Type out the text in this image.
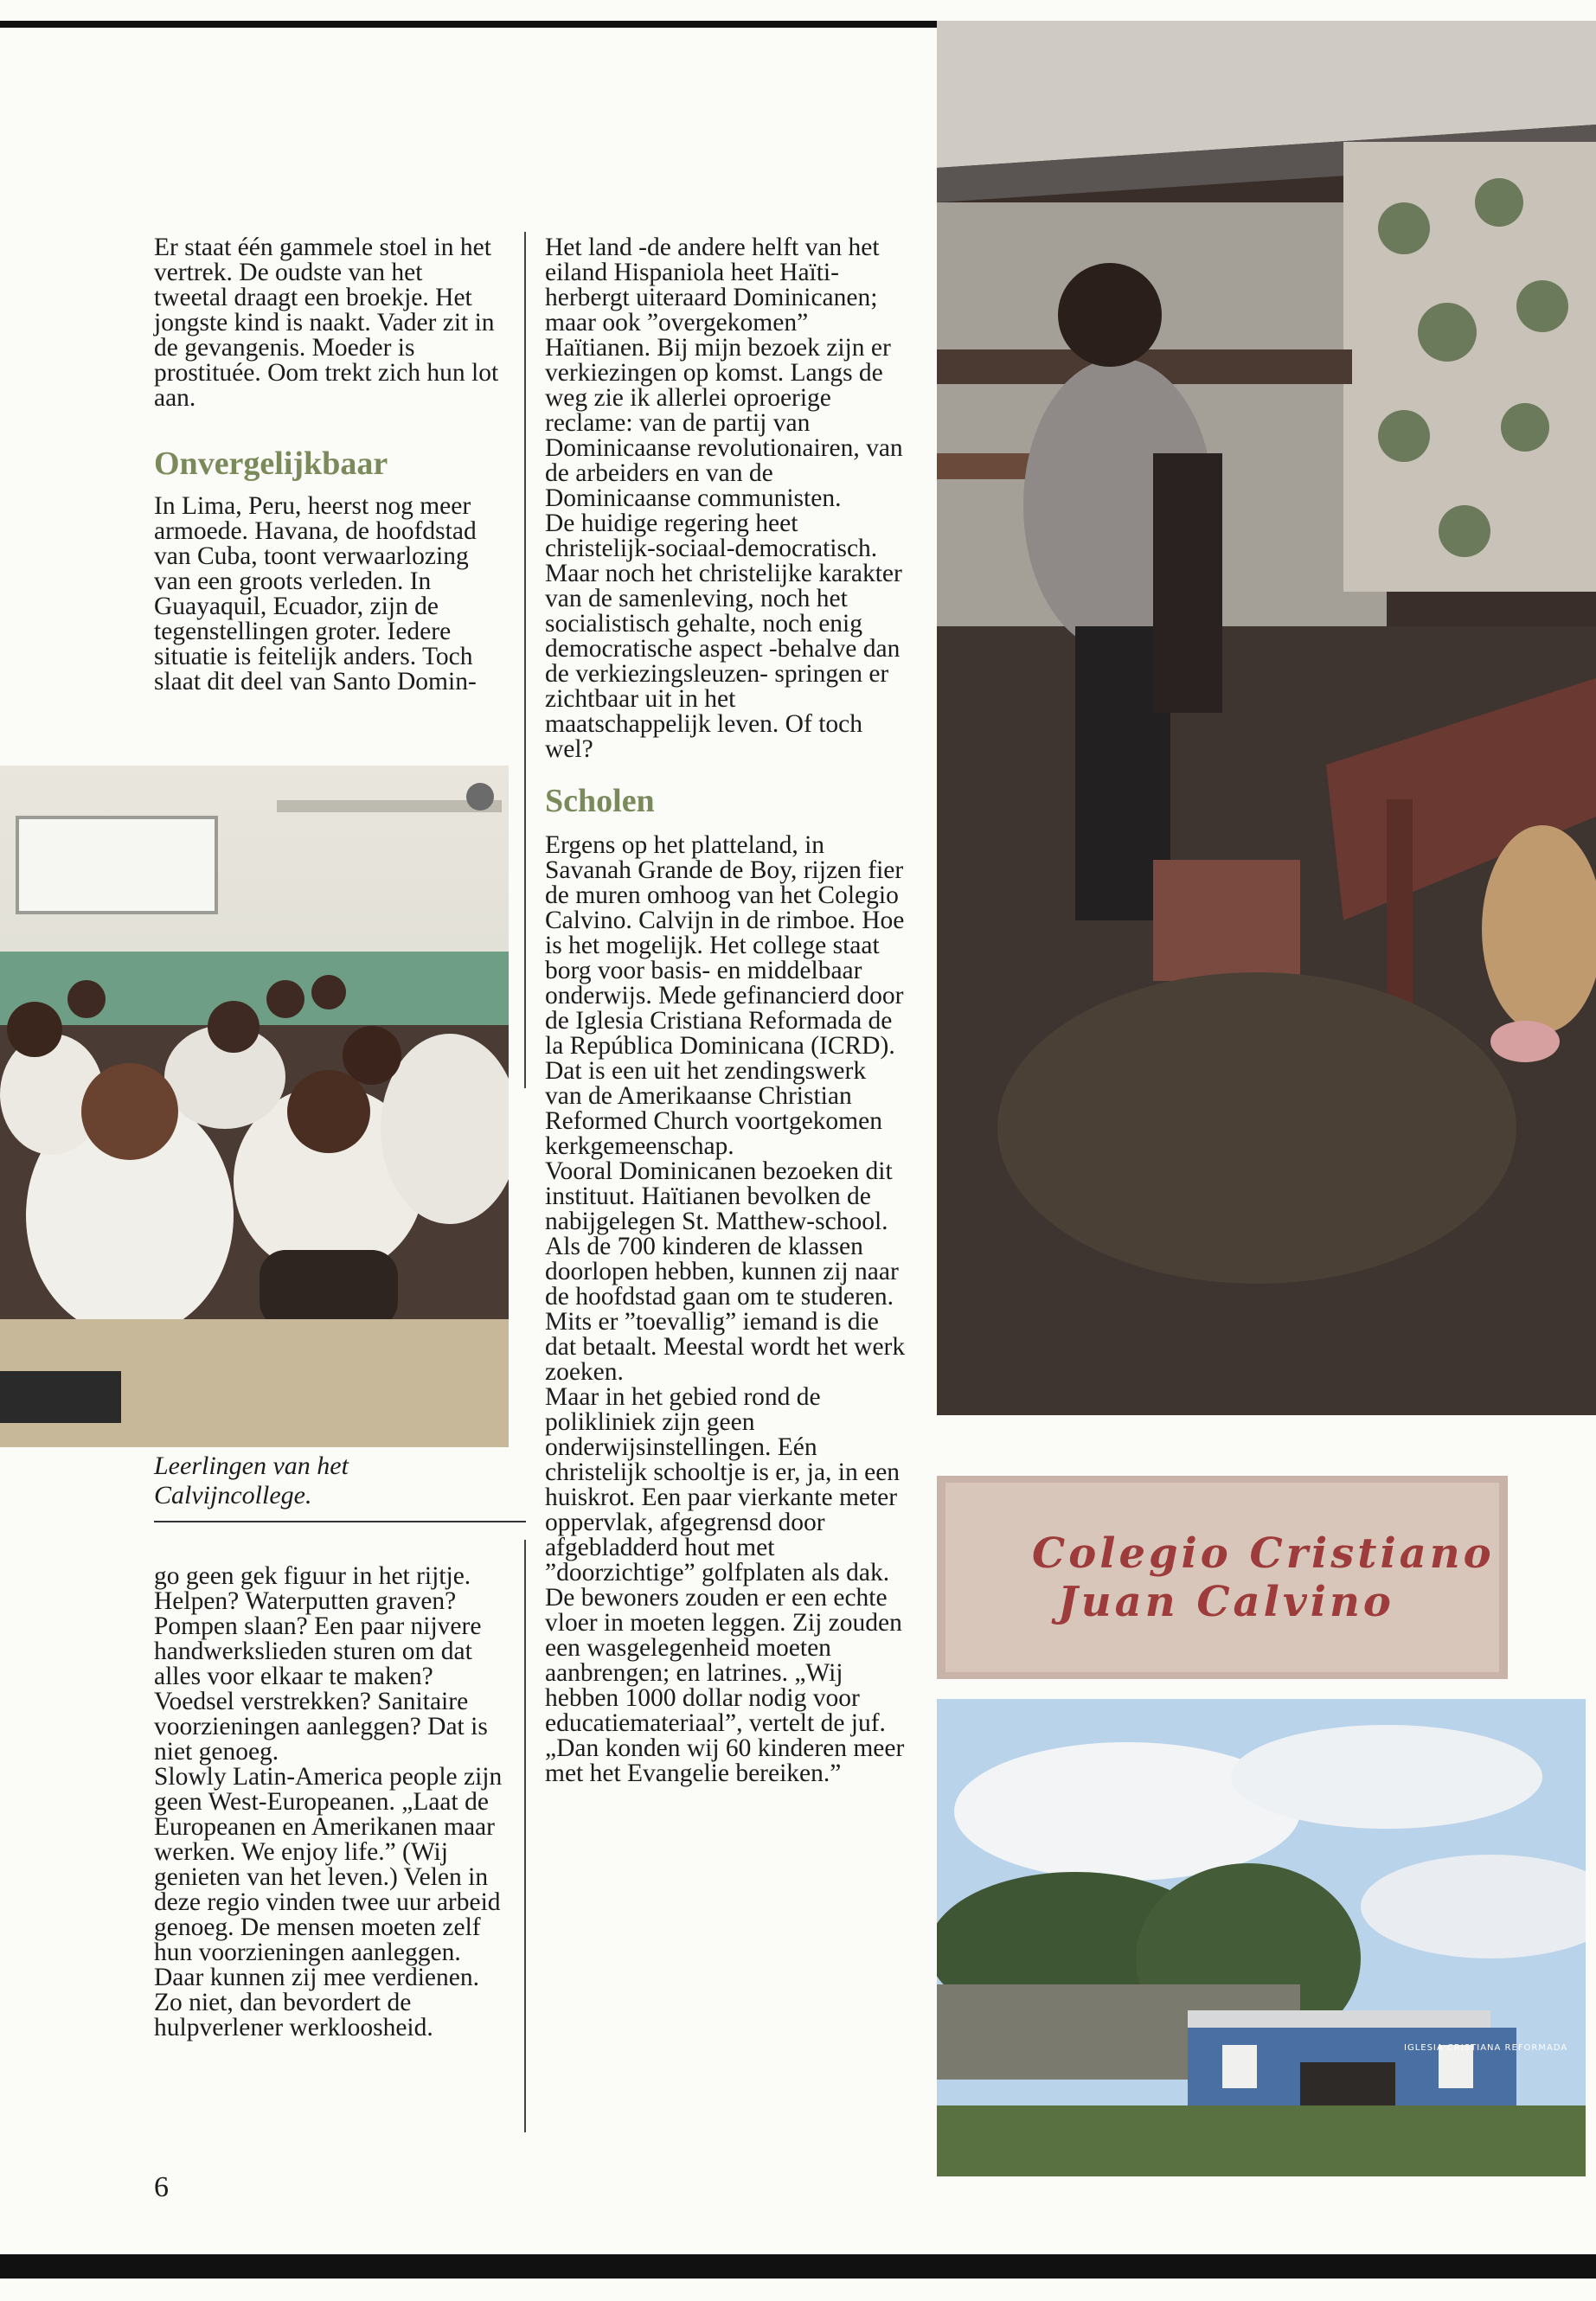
Er staat één gammele stoel in het vertrek. De oudste van het tweetal draagt een broekje. Het jongste kind is naakt. Vader zit in de gevangenis. Moeder is prostituée. Oom trekt zich hun lot aan.

Onvergelijkbaar

In Lima, Peru, heerst nog meer armoede. Havana, de hoofdstad van Cuba, toont verwaarlozing van een groots verleden. In Guayaquil, Ecuador, zijn de tegenstellingen groter. Iedere situatie is feitelijk anders. Toch slaat dit deel van Santo Domin-

Leerlingen van het Calvijncollege.

go geen gek figuur in het rijtje. Helpen? Waterputten graven? Pompen slaan? Een paar nijvere handwerkslieden sturen om dat alles voor elkaar te maken? Voedsel verstrekken? Sanitaire voorzieningen aanleggen? Dat is niet genoeg.

Slowly Latin-America people zijn geen West-Europeanen. „Laat de Europeanen en Amerikanen maar werken. We enjoy life.” (Wij genieten van het leven.) Velen in deze regio vinden twee uur arbeid genoeg. De mensen moeten zelf hun voorzieningen aanleggen. Daar kunnen zij mee verdienen. Zo niet, dan bevordert de hulpverlener werkloosheid.

Het land -de andere helft van het eiland Hispaniola heet Haïti- herbergt uiteraard Dominicanen; maar ook ”overgekomen” Haïtianen. Bij mijn bezoek zijn er verkiezingen op komst. Langs de weg zie ik allerlei oproerige reclame: van de partij van Dominicaanse revolutionairen, van de arbeiders en van de Dominicaanse communisten.

De huidige regering heet christelijk-sociaal-democratisch. Maar noch het christelijke karakter van de samenleving, noch het socialistisch gehalte, noch enig democratische aspect -behalve dan de verkiezingsleuzen- springen er zichtbaar uit in het maatschappelijk leven. Of toch wel?

Scholen

Ergens op het platteland, in Savanah Grande de Boy, rijzen fier de muren omhoog van het Colegio Calvino. Calvijn in de rimboe. Hoe is het mogelijk. Het college staat borg voor basis- en middelbaar onderwijs. Mede gefinancierd door de Iglesia Cristiana Reformada de la República Dominicana (ICRD). Dat is een uit het zendingswerk van de Amerikaanse Christian Reformed Church voortgekomen kerkgemeenschap.

Vooral Dominicanen bezoeken dit instituut. Haïtianen bevolken de nabijgelegen St. Matthew-school. Als de 700 kinderen de klassen doorlopen hebben, kunnen zij naar de hoofdstad gaan om te studeren. Mits er ”toevallig” iemand is die dat betaalt. Meestal wordt het werk zoeken.

Maar in het gebied rond de polikliniek zijn geen onderwijsinstellingen. Eén christelijk schooltje is er, ja, in een huiskrot. Een paar vierkante meter oppervlak, afgegrensd door afgebladderd hout met ”doorzichtige” golfplaten als dak. De bewoners zouden er een echte vloer in moeten leggen. Zij zouden een wasgelegenheid moeten aanbrengen; en latrines. „Wij hebben 1000 dollar nodig voor educatiemateriaal”, vertelt de juf. „Dan konden wij 60 kinderen meer met het Evangelie bereiken.”

Colegio Cristiano
Juan Calvino
IGLESIA CRISTIANA REFORMADA
6
